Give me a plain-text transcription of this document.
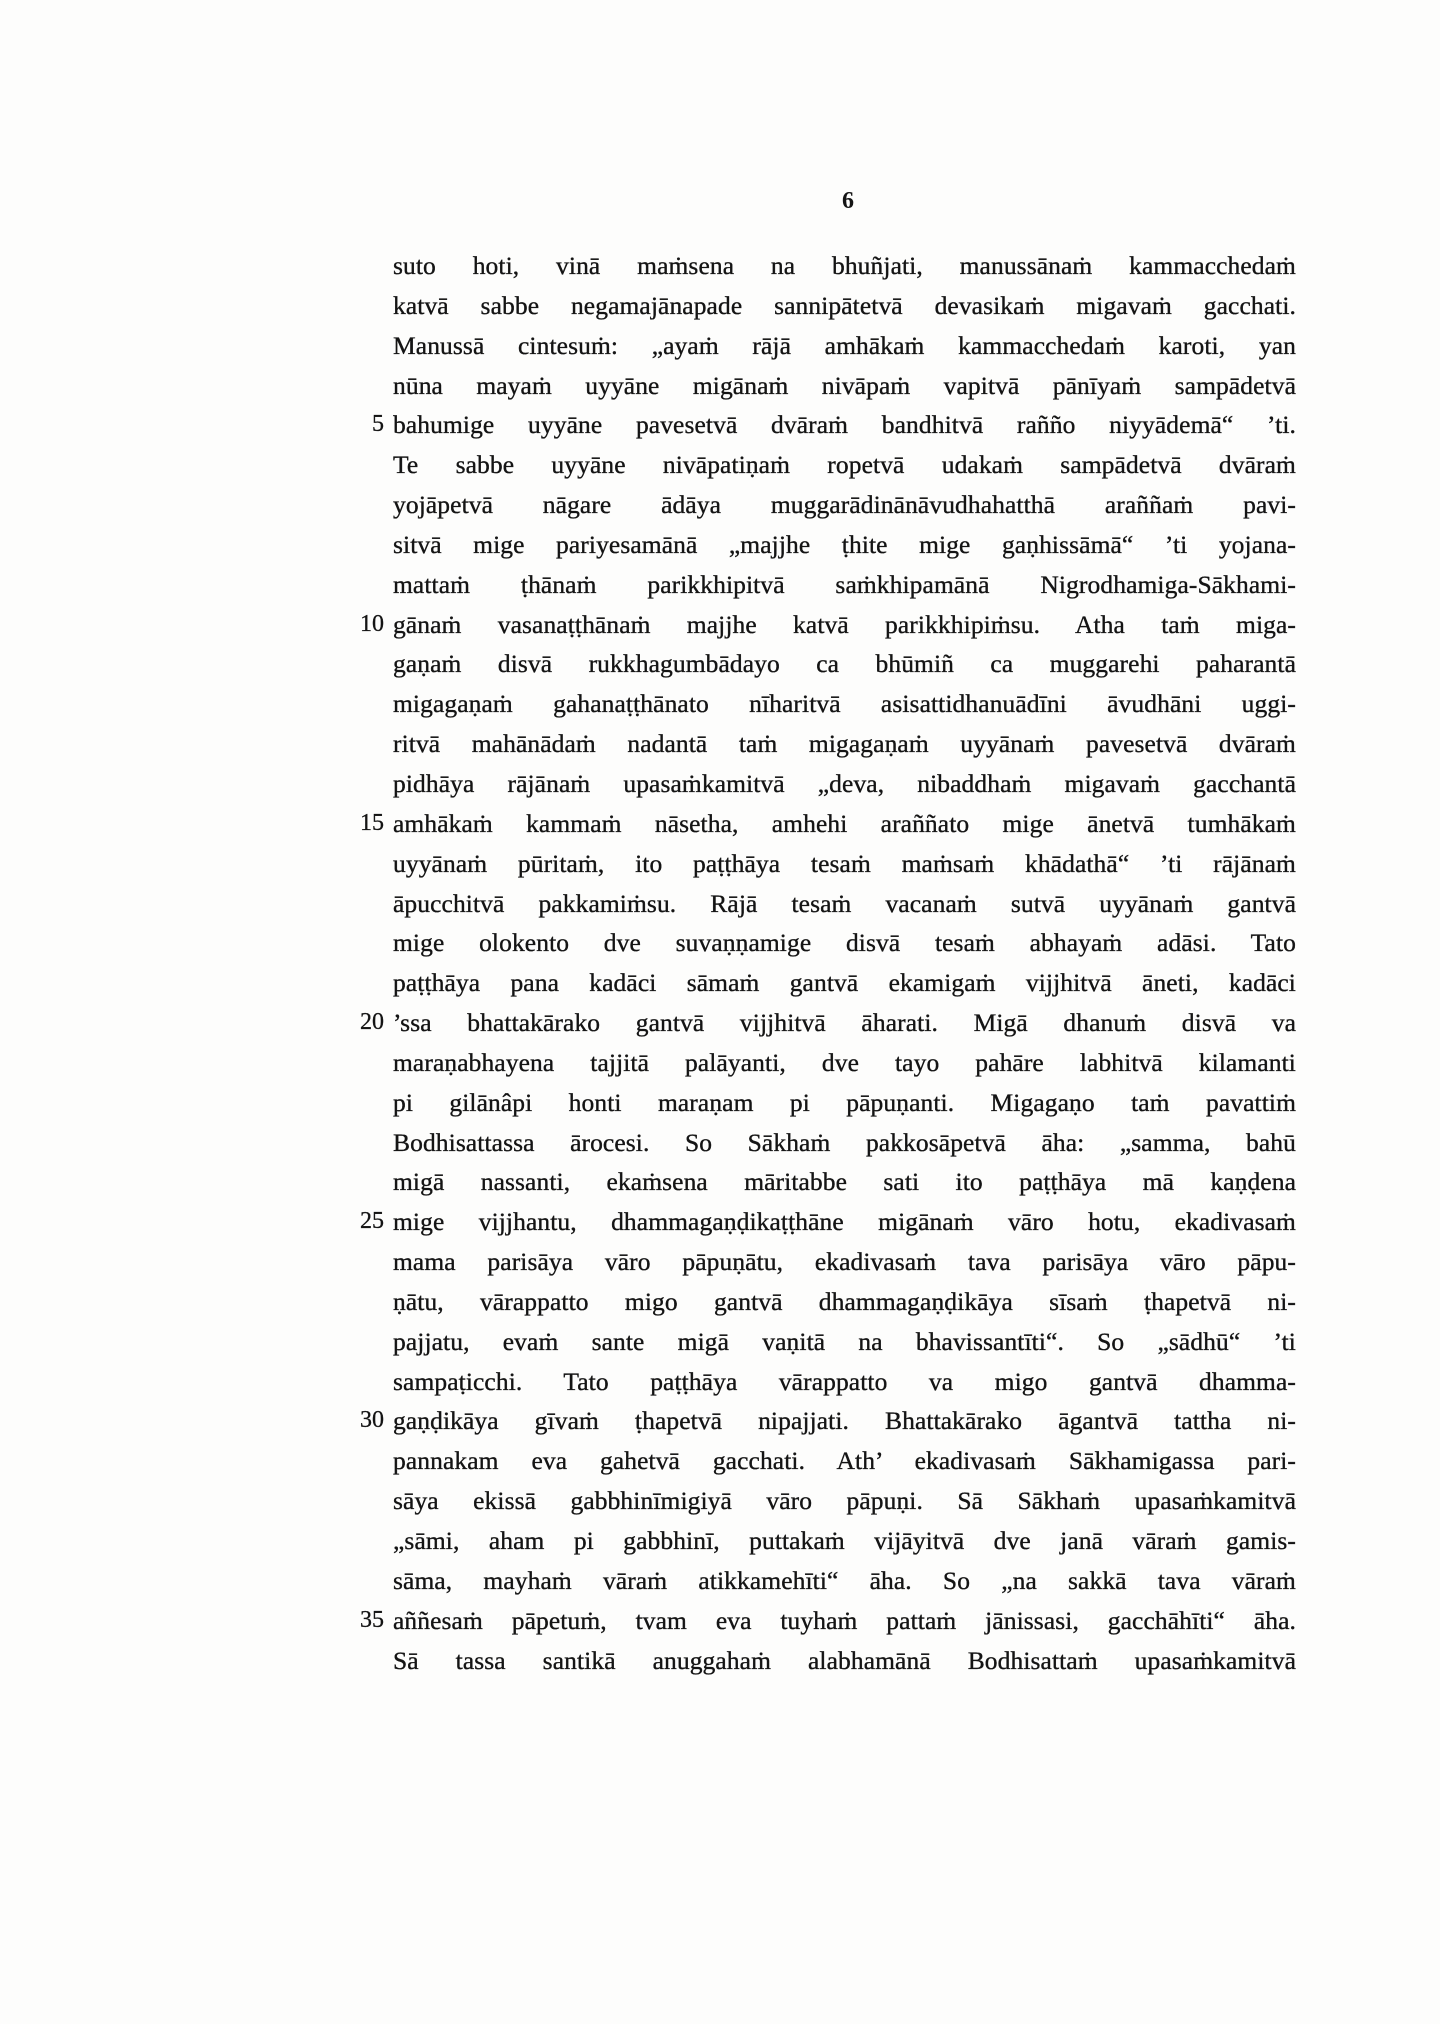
6
suto hoti, vinā maṁsena na bhuñjati, manussānaṁ kammacchedaṁ
katvā sabbe negamajānapade sannipātetvā devasikaṁ migavaṁ gacchati.
Manussā cintesuṁ: „ayaṁ rājā amhākaṁ kammacchedaṁ karoti, yan
nūna mayaṁ uyyāne migānaṁ nivāpaṁ vapitvā pānīyaṁ sampādetvā
5 bahumige uyyāne pavesetvā dvāraṁ bandhitvā rañño niyyādemā“ ’ti.
Te sabbe uyyāne nivāpatiṇaṁ ropetvā udakaṁ sampādetvā dvāraṁ
yojāpetvā nāgare ādāya muggarādinānāvudhahatthā araññaṁ pavi-
sitvā mige pariyesamānā „majjhe ṭhite mige gaṇhissāmā“ ’ti yojana-
mattaṁ ṭhānaṁ parikkhipitvā saṁkhipamānā Nigrodhamiga-Sākhami-
10 gānaṁ vasanaṭṭhānaṁ majjhe katvā parikkhipiṁsu. Atha taṁ miga-
gaṇaṁ disvā rukkhagumbādayo ca bhūmiñ ca muggarehi paharantā
migagaṇaṁ gahanaṭṭhānato nīharitvā asisattidhanuādīni āvudhāni uggi-
ritvā mahānādaṁ nadantā taṁ migagaṇaṁ uyyānaṁ pavesetvā dvāraṁ
pidhāya rājānaṁ upasaṁkamitvā „deva, nibaddhaṁ migavaṁ gacchantā
15 amhākaṁ kammaṁ nāsetha, amhehi araññato mige ānetvā tumhākaṁ
uyyānaṁ pūritaṁ, ito paṭṭhāya tesaṁ maṁsaṁ khādathā“ ’ti rājānaṁ
āpucchitvā pakkamiṁsu. Rājā tesaṁ vacanaṁ sutvā uyyānaṁ gantvā
mige olokento dve suvaṇṇamige disvā tesaṁ abhayaṁ adāsi. Tato
paṭṭhāya pana kadāci sāmaṁ gantvā ekamigaṁ vijjhitvā āneti, kadāci
20 ’ssa bhattakārako gantvā vijjhitvā āharati. Migā dhanuṁ disvā va
maraṇabhayena tajjitā palāyanti, dve tayo pahāre labhitvā kilamanti
pi gilānâpi honti maraṇam pi pāpuṇanti. Migagaṇo taṁ pavattiṁ
Bodhisattassa ārocesi. So Sākhaṁ pakkosāpetvā āha: „samma, bahū
migā nassanti, ekaṁsena māritabbe sati ito paṭṭhāya mā kaṇḍena
25 mige vijjhantu, dhammagaṇḍikaṭṭhāne migānaṁ vāro hotu, ekadivasaṁ
mama parisāya vāro pāpuṇātu, ekadivasaṁ tava parisāya vāro pāpu-
ṇātu, vārappatto migo gantvā dhammagaṇḍikāya sīsaṁ ṭhapetvā ni-
pajjatu, evaṁ sante migā vaṇitā na bhavissantīti“. So „sādhū“ ’ti
sampaṭicchi. Tato paṭṭhāya vārappatto va migo gantvā dhamma-
30 gaṇḍikāya gīvaṁ ṭhapetvā nipajjati. Bhattakārako āgantvā tattha ni-
pannakam eva gahetvā gacchati. Ath’ ekadivasaṁ Sākhamigassa pari-
sāya ekissā gabbhinīmigiyā vāro pāpuṇi. Sā Sākhaṁ upasaṁkamitvā
„sāmi, aham pi gabbhinī, puttakaṁ vijāyitvā dve janā vāraṁ gamis-
sāma, mayhaṁ vāraṁ atikkamehīti“ āha. So „na sakkā tava vāraṁ
35 aññesaṁ pāpetuṁ, tvam eva tuyhaṁ pattaṁ jānissasi, gacchāhīti“ āha.
Sā tassa santikā anuggahaṁ alabhamānā Bodhisattaṁ upasaṁkamitvā
